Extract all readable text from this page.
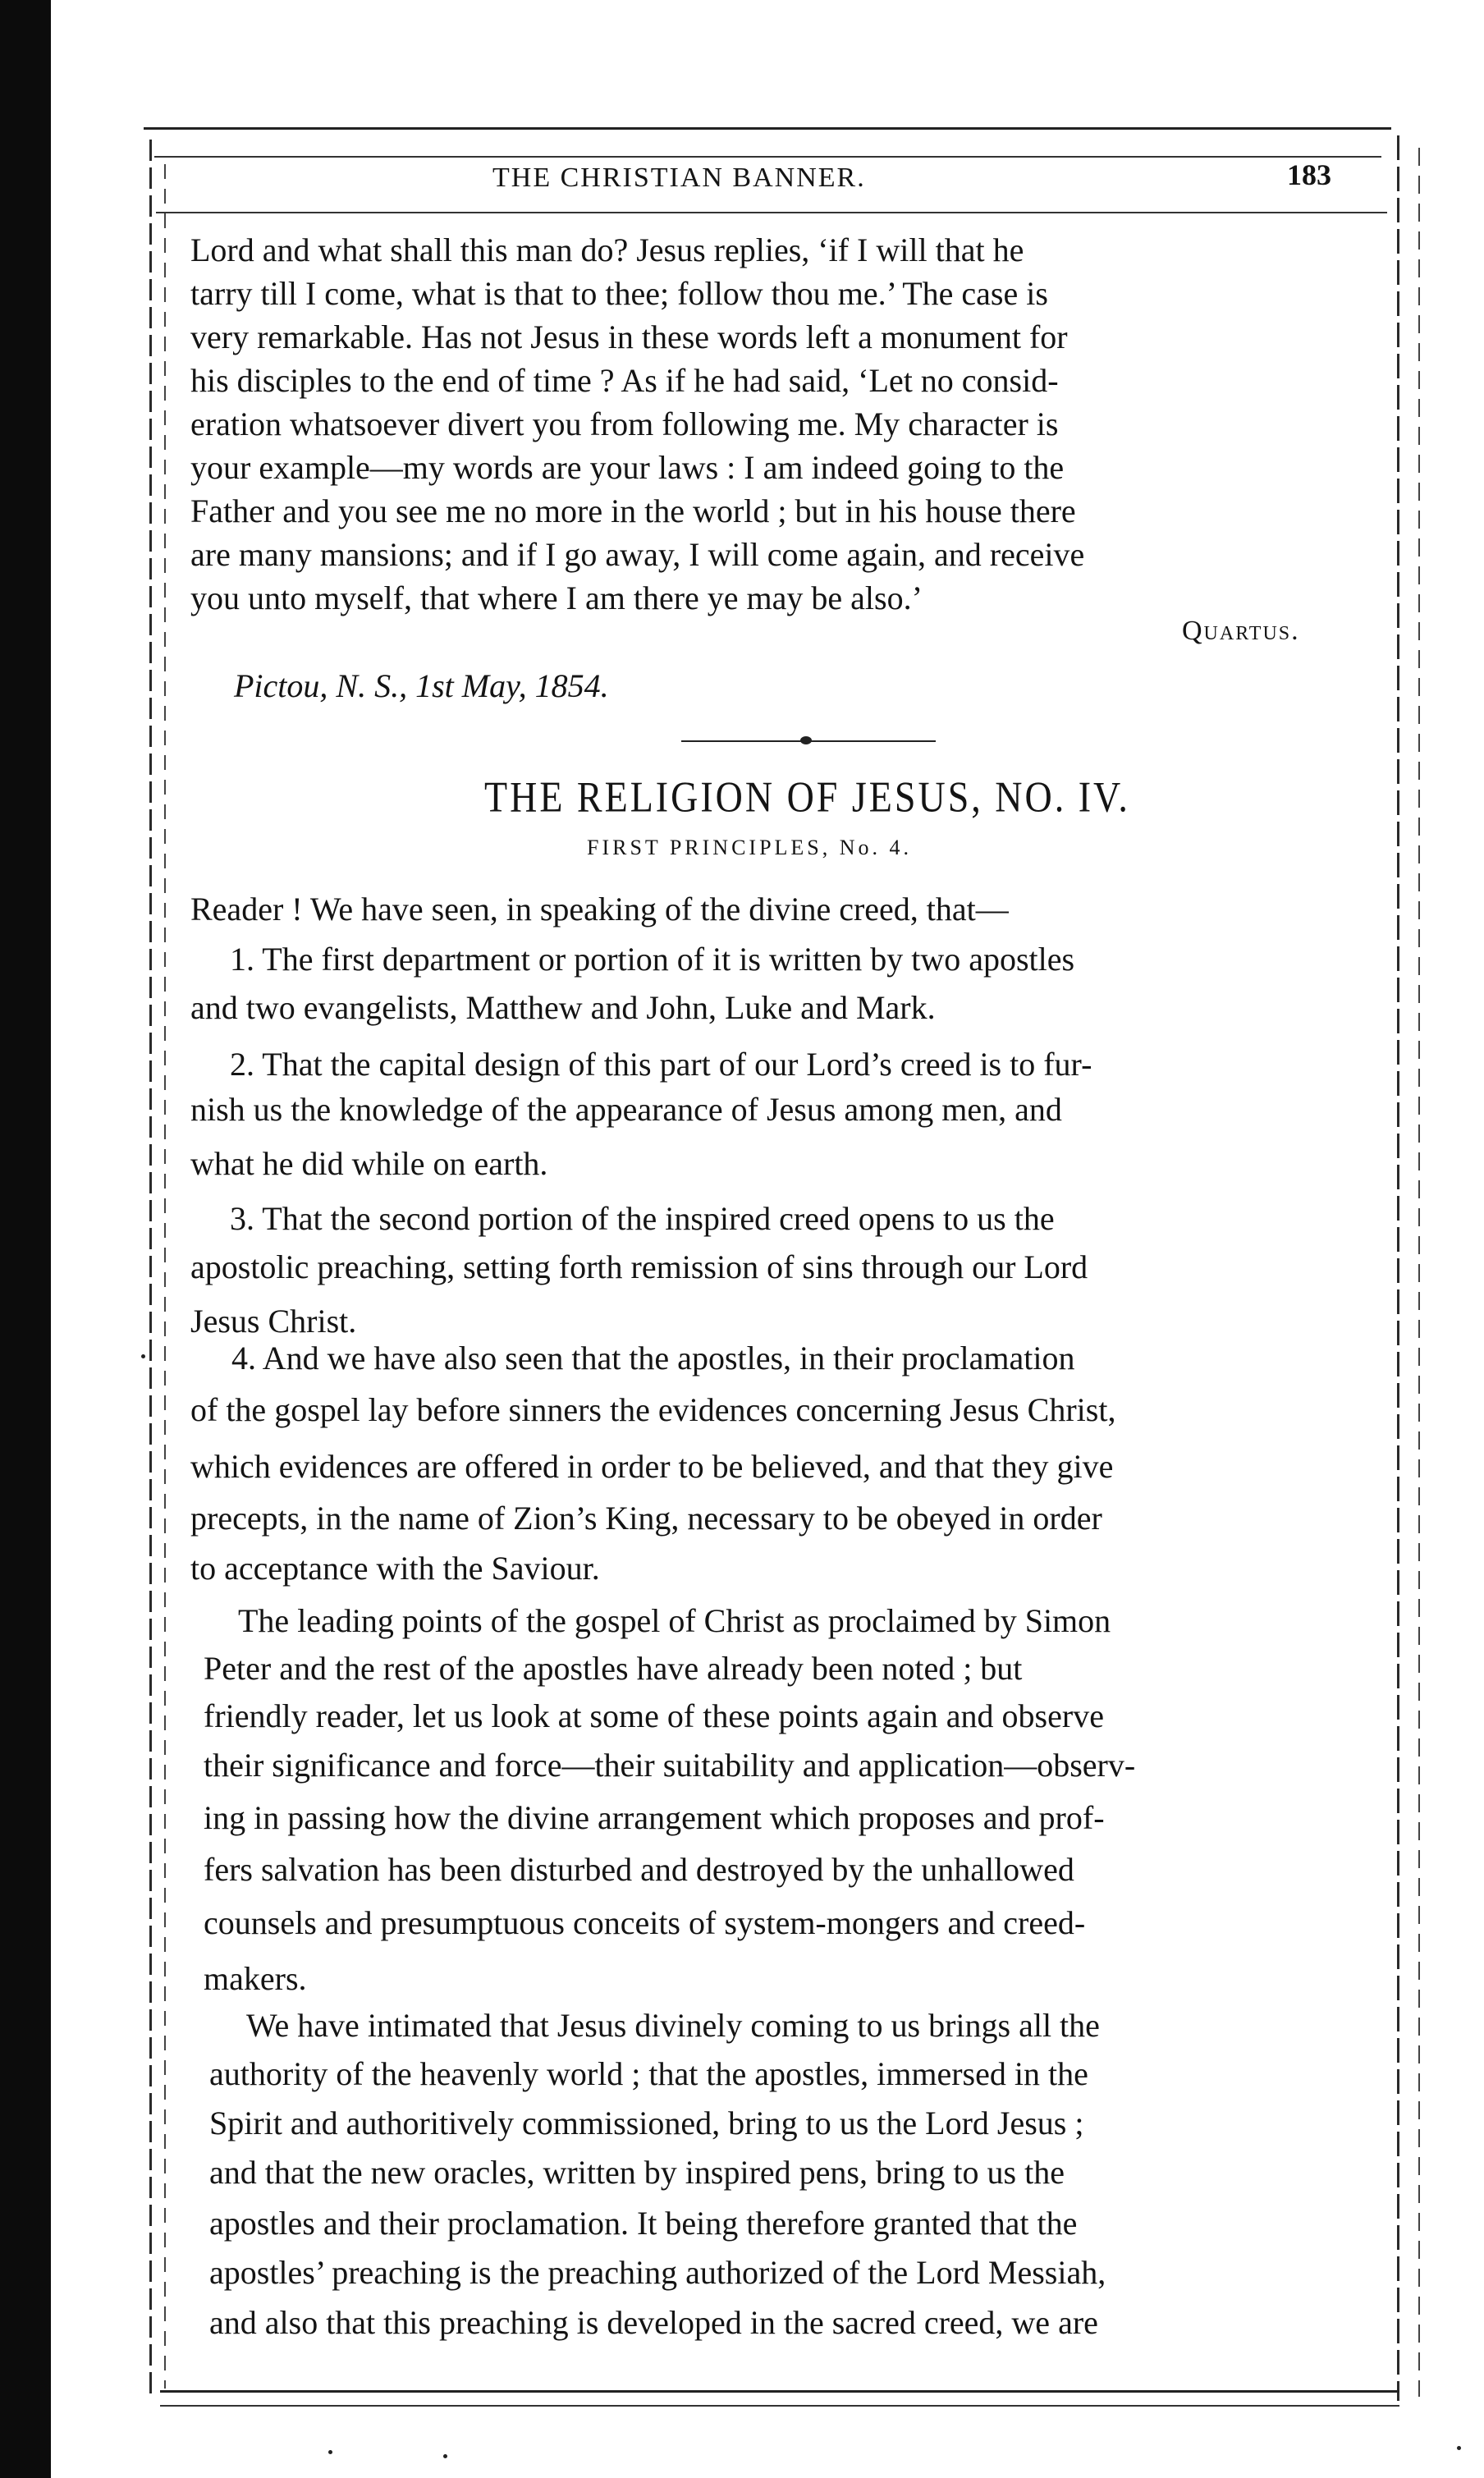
THE CHRISTIAN BANNER.	183
Lord and what shall this man do? Jesus replies, ‘if I will that he
tarry till I come, what is that to thee; follow thou me.’ The case is
very remarkable. Has not Jesus in these words left a monument for
his disciples to the end of time ? As if he had said, ‘Let no consid-
eration whatsoever divert you from following me. My character is
your example—my words are your laws : I am indeed going to the
Father and you see me no more in the world ; but in his house there
are many mansions; and if I go away, I will come again, and receive
you unto myself, that where I am there ye may be also.’
Quartus.
Pictou, N. S., 1st May, 1854.
THE RELIGION OF JESUS, NO. IV.
FIRST PRINCIPLES, No. 4.
Reader ! We have seen, in speaking of the divine creed, that—
1. The first department or portion of it is written by two apostles
and two evangelists, Matthew and John, Luke and Mark.
2. That the capital design of this part of our Lord’s creed is to fur-
nish us the knowledge of the appearance of Jesus among men, and
what he did while on earth.
3. That the second portion of the inspired creed opens to us the
apostolic preaching, setting forth remission of sins through our Lord
Jesus Christ.
4. And we have also seen that the apostles, in their proclamation
of the gospel lay before sinners the evidences concerning Jesus Christ,
which evidences are offered in order to be believed, and that they give
precepts, in the name of Zion’s King, necessary to be obeyed in order
to acceptance with the Saviour.
The leading points of the gospel of Christ as proclaimed by Simon
Peter and the rest of the apostles have already been noted ; but
friendly reader, let us look at some of these points again and observe
their significance and force—their suitability and application—observ-
ing in passing how the divine arrangement which proposes and prof-
fers salvation has been disturbed and destroyed by the unhallowed
counsels and presumptuous conceits of system-mongers and creed-
makers.
We have intimated that Jesus divinely coming to us brings all the
authority of the heavenly world ; that the apostles, immersed in the
Spirit and authoritively commissioned, bring to us the Lord Jesus ;
and that the new oracles, written by inspired pens, bring to us the
apostles and their proclamation. It being therefore granted that the
apostles’ preaching is the preaching authorized of the Lord Messiah,
and also that this preaching is developed in the sacred creed, we are
